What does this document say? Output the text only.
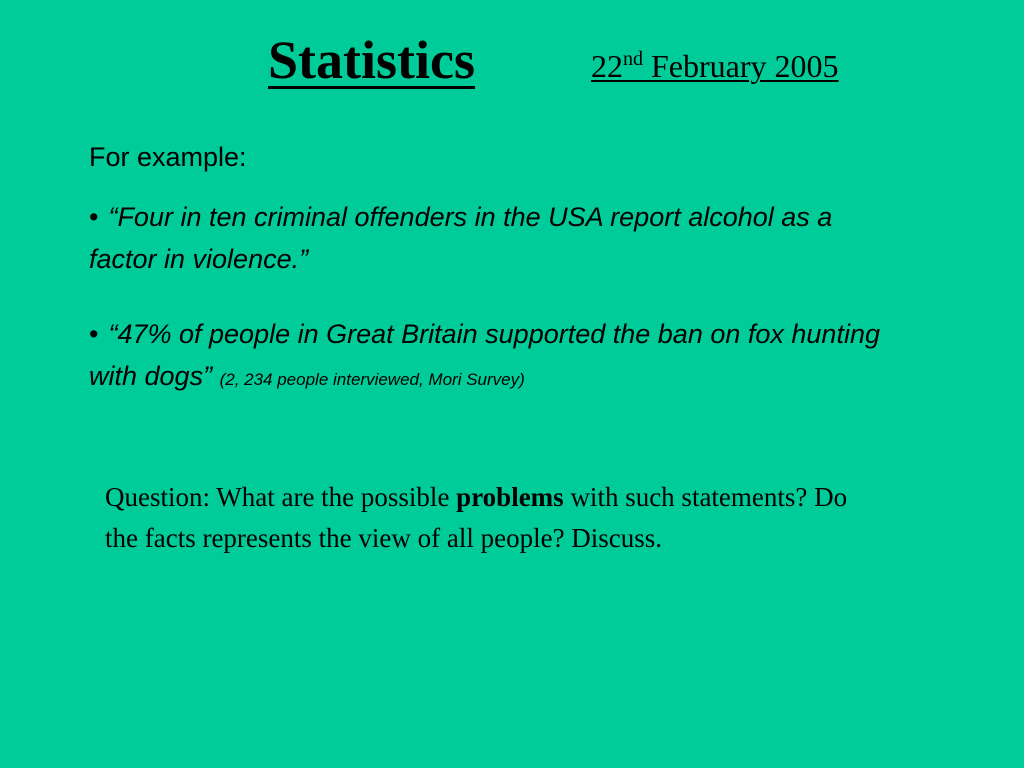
Statistics	22nd February 2005
For example:
• “Four in ten criminal offenders in the USA report alcohol as a factor in violence.”
• “47% of people in Great Britain supported the ban on fox hunting with dogs” (2, 234 people interviewed, Mori Survey)
Question: What are the possible problems with such statements? Do the facts represents the view of all people? Discuss.
